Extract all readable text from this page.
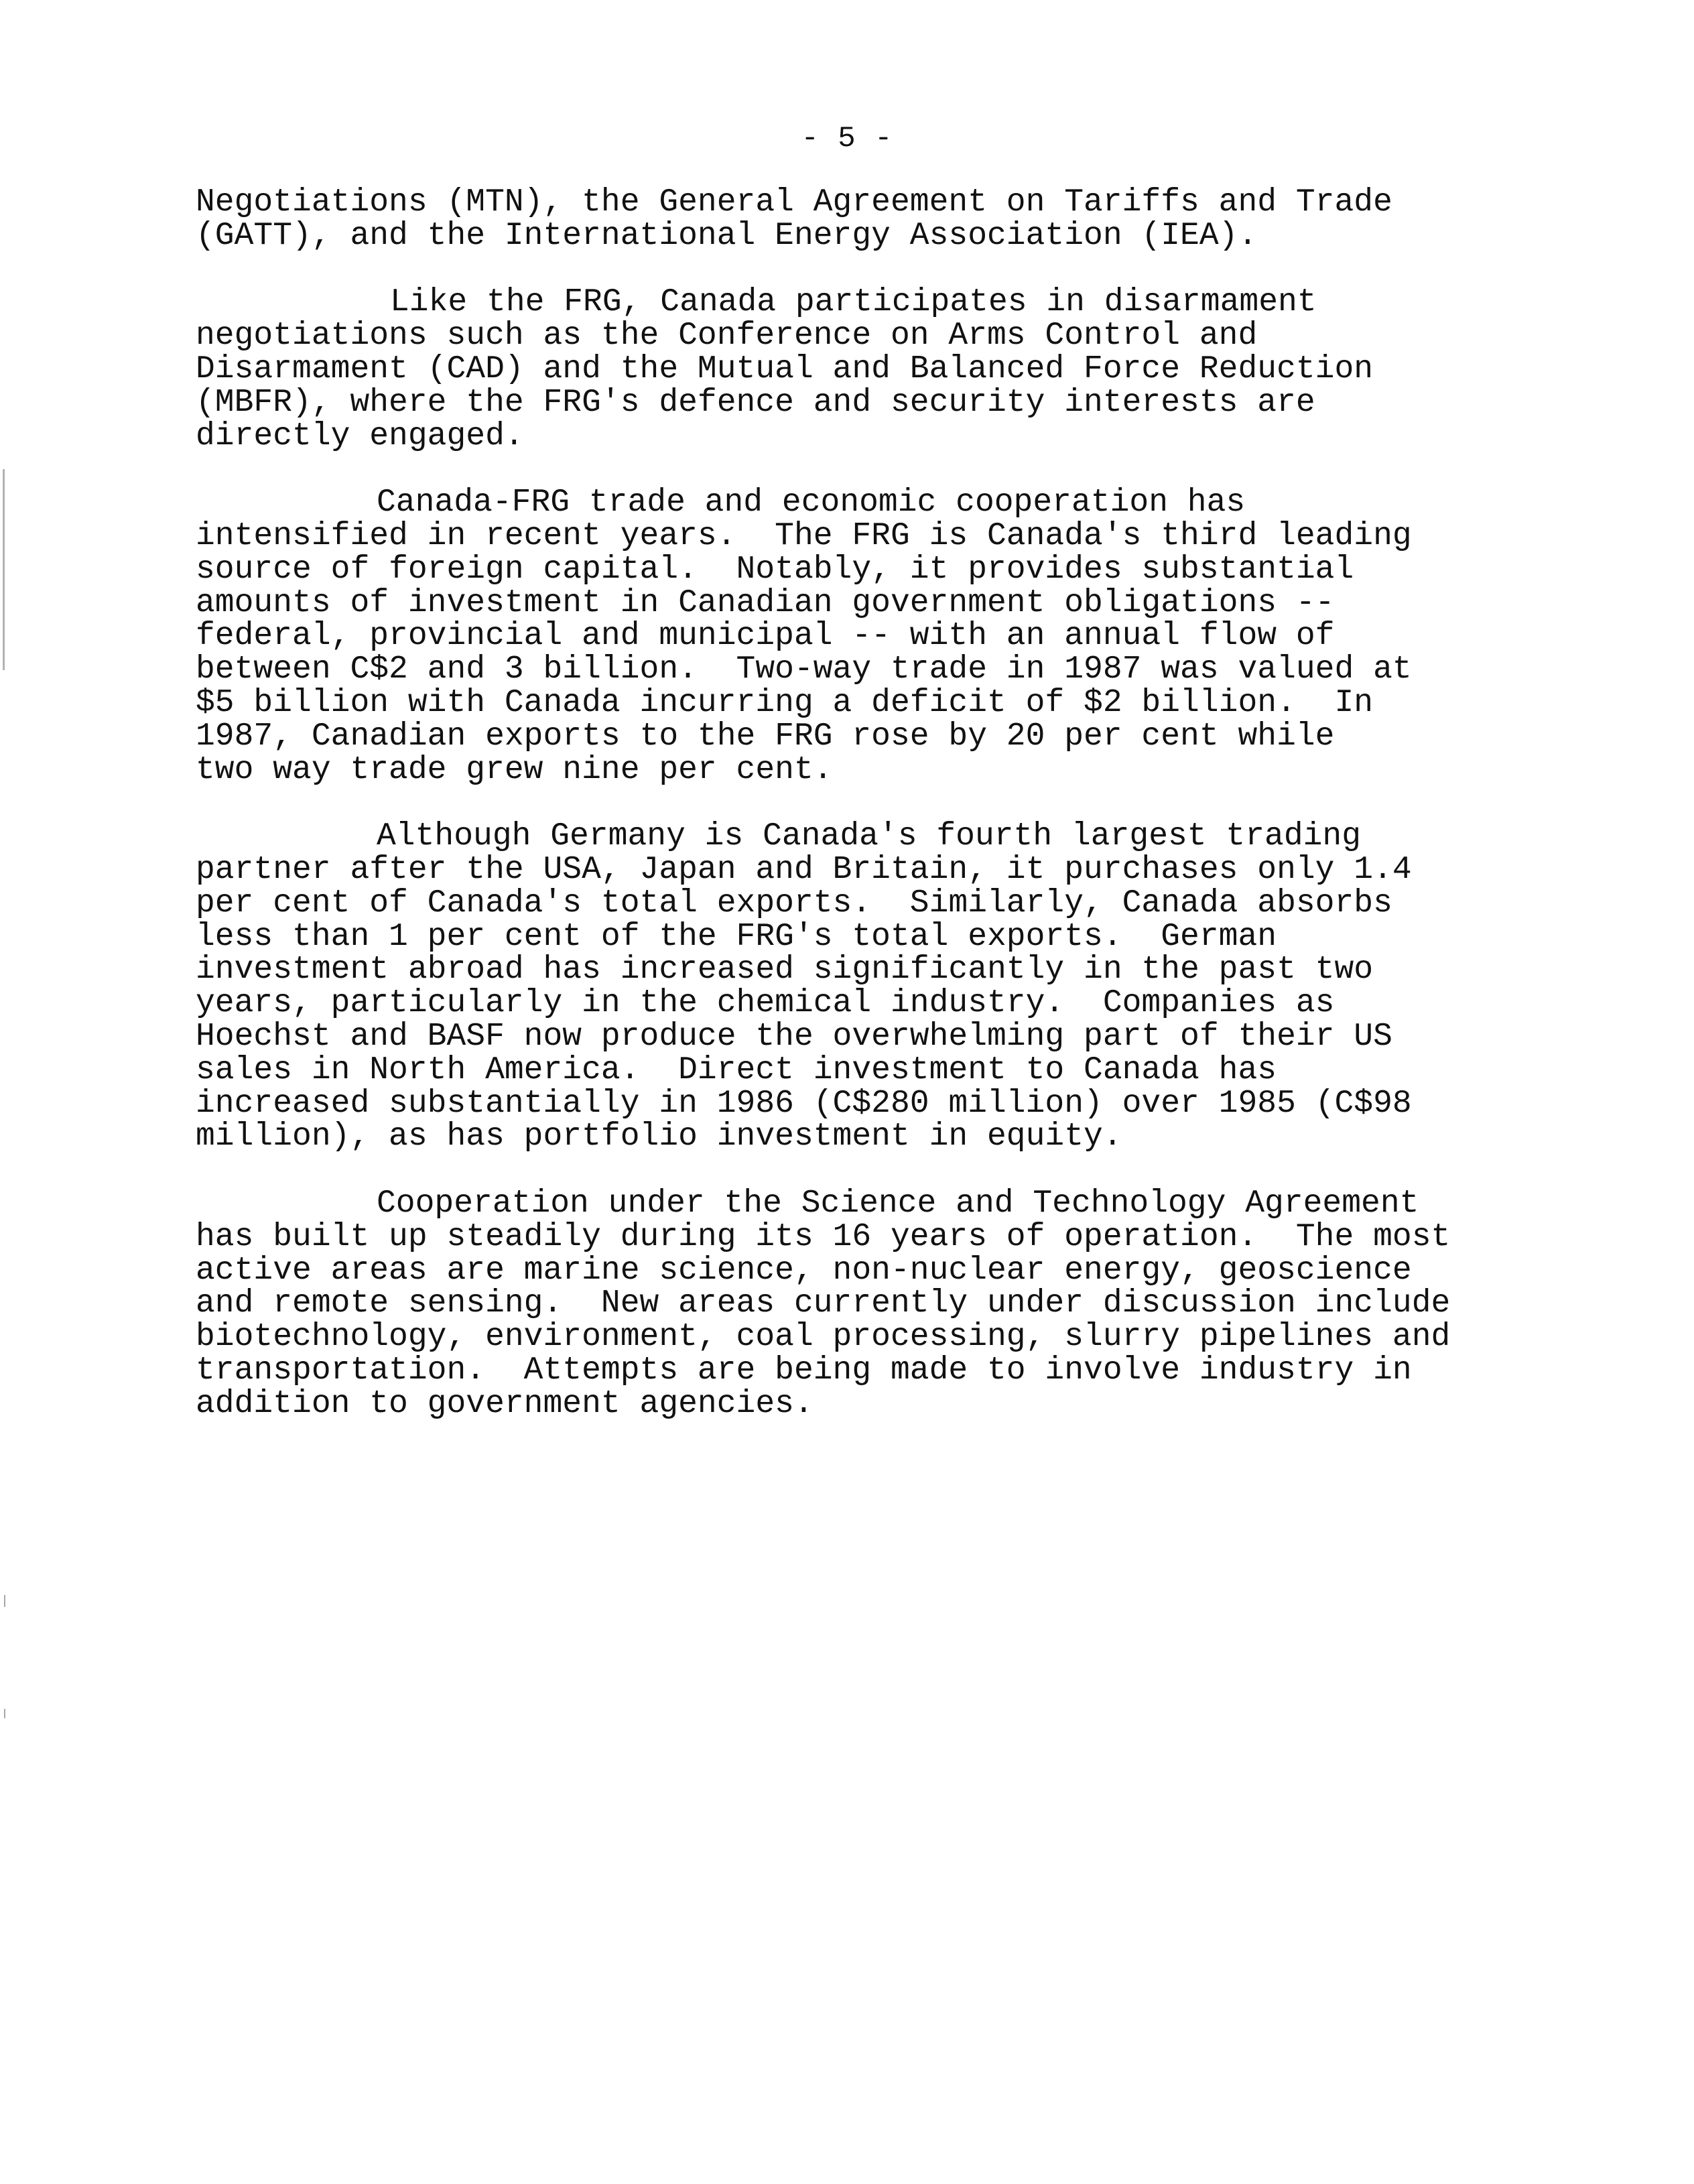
- 5 -
Negotiations (MTN), the General Agreement on Tariffs and Trade
(GATT), and the International Energy Association (IEA).
Like the FRG, Canada participates in disarmament
negotiations such as the Conference on Arms Control and
Disarmament (CAD) and the Mutual and Balanced Force Reduction
(MBFR), where the FRG's defence and security interests are
directly engaged.
Canada-FRG trade and economic cooperation has
intensified in recent years.  The FRG is Canada's third leading
source of foreign capital.  Notably, it provides substantial
amounts of investment in Canadian government obligations --
federal, provincial and municipal -- with an annual flow of
between C$2 and 3 billion.  Two-way trade in 1987 was valued at
$5 billion with Canada incurring a deficit of $2 billion.  In
1987, Canadian exports to the FRG rose by 20 per cent while
two way trade grew nine per cent.
Although Germany is Canada's fourth largest trading
partner after the USA, Japan and Britain, it purchases only 1.4
per cent of Canada's total exports.  Similarly, Canada absorbs
less than 1 per cent of the FRG's total exports.  German
investment abroad has increased significantly in the past two
years, particularly in the chemical industry.  Companies as
Hoechst and BASF now produce the overwhelming part of their US
sales in North America.  Direct investment to Canada has
increased substantially in 1986 (C$280 million) over 1985 (C$98
million), as has portfolio investment in equity.
Cooperation under the Science and Technology Agreement
has built up steadily during its 16 years of operation.  The most
active areas are marine science, non-nuclear energy, geoscience
and remote sensing.  New areas currently under discussion include
biotechnology, environment, coal processing, slurry pipelines and
transportation.  Attempts are being made to involve industry in
addition to government agencies.
